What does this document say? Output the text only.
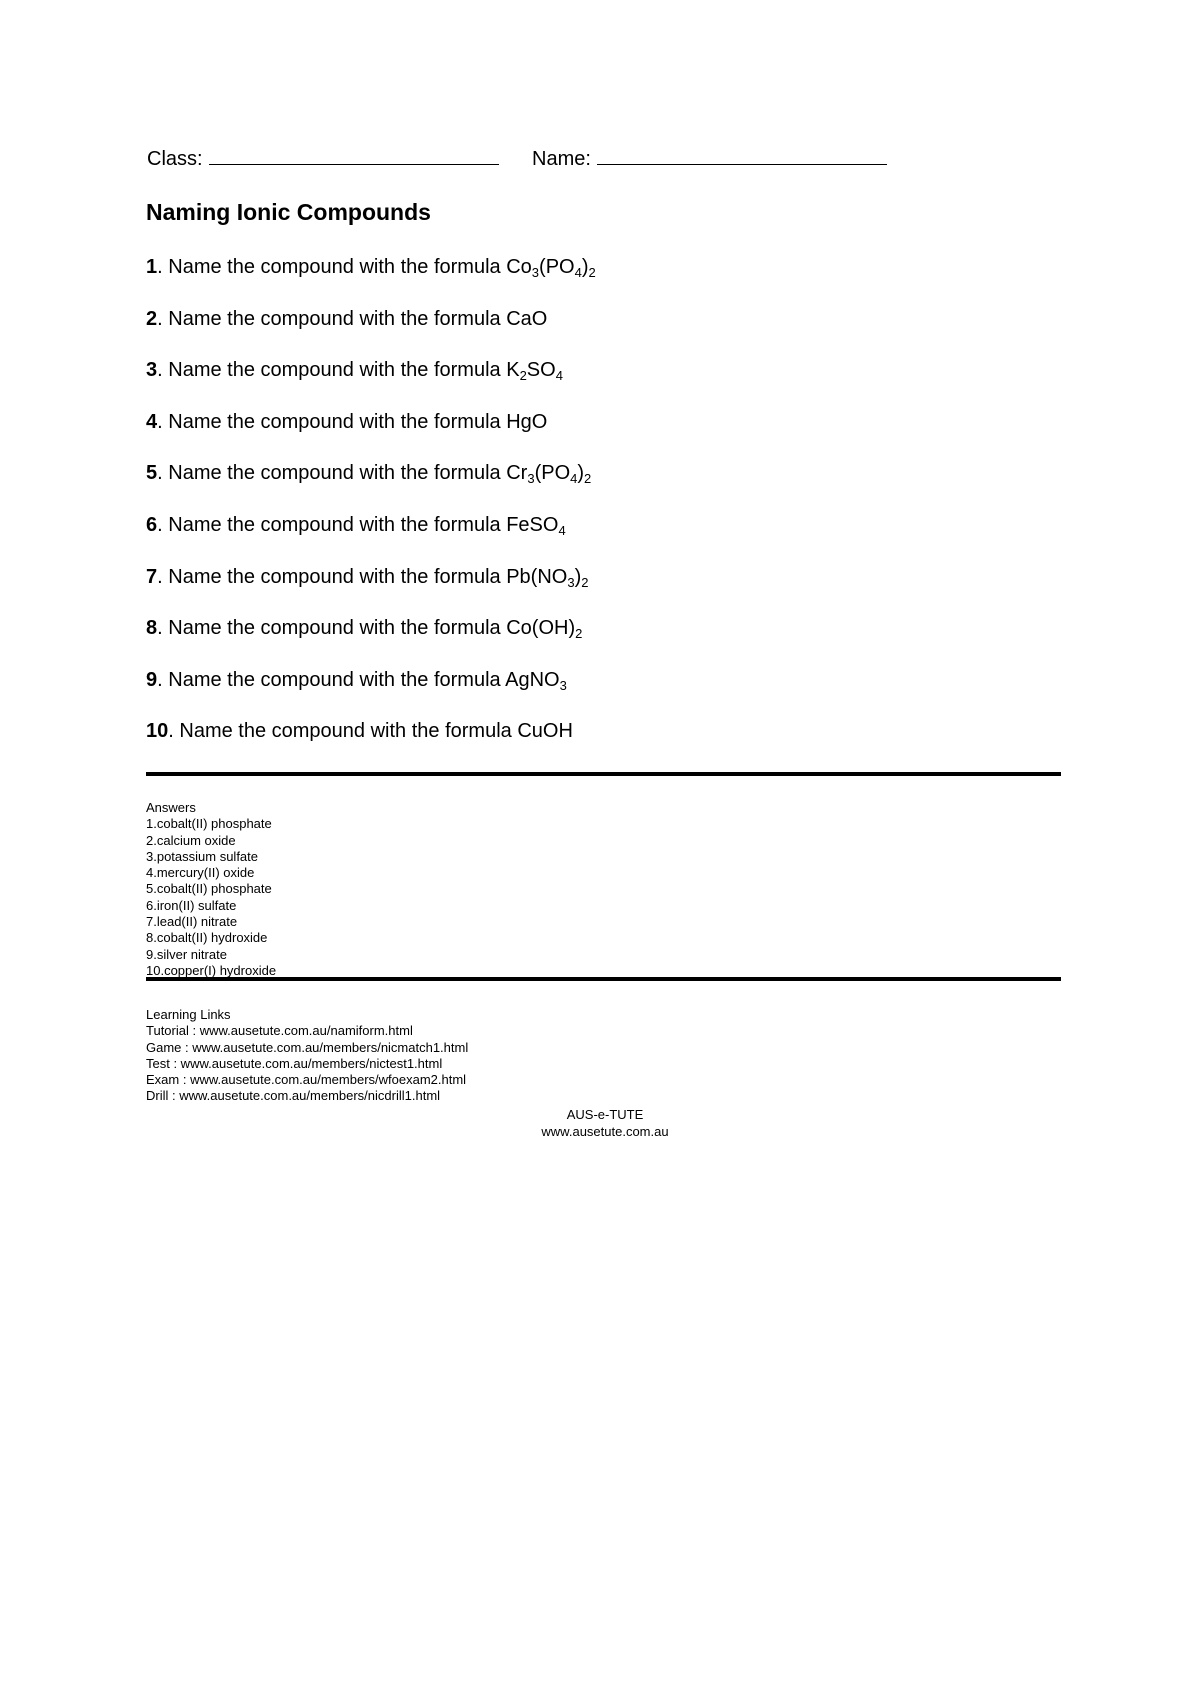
Class:	Name:
Naming Ionic Compounds
1. Name the compound with the formula $Co_3(PO_4)_2$
2. Name the compound with the formula CaO
3. Name the compound with the formula $K_2SO_4$
4. Name the compound with the formula HgO
5. Name the compound with the formula $Cr_3(PO_4)_2$
6. Name the compound with the formula FeSO$_4$
7. Name the compound with the formula $Pb(NO_3)_2$
8. Name the compound with the formula $Co(OH)_2$
9. Name the compound with the formula AgNO$_3$
10. Name the compound with the formula CuOH
Answers
1.cobalt(II) phosphate
2.calcium oxide
3.potassium sulfate
4.mercury(II) oxide
5.cobalt(II) phosphate
6.iron(II) sulfate
7.lead(II) nitrate
8.cobalt(II) hydroxide
9.silver nitrate
10.copper(I) hydroxide
Learning Links
Tutorial : www.ausetute.com.au/namiform.html
Game : www.ausetute.com.au/members/nicmatch1.html
Test : www.ausetute.com.au/members/nictest1.html
Exam : www.ausetute.com.au/members/wfoexam2.html
Drill : www.ausetute.com.au/members/nicdrill1.html
AUS-e-TUTE
www.ausetute.com.au
